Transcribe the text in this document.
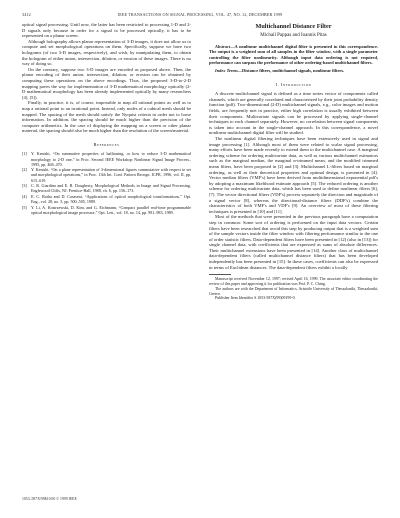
3412	IEEE TRANSACTIONS ON SIGNAL PROCESSING, VOL. 47, NO. 12, DECEMBER 1999

optical signal processing. Until now, the latter has been restricted to processing 1-D and 2-D signals only because in order for a signal to be processed optically, it has to be represented on a planar screen.

Although holography allows planar representation of 3-D images, it does not allow us to compute and set morphological operations on them. Specifically, suppose we have two holograms (of two 3-D images, respectively), and wish, by manipulating them, to obtain the hologram of either union, intersection, dilation, or erosion of these images. There is no way of doing so.

On the contrary, suppose two 3-D images are encoded as proposed above. Then, the planar encoding of their union, intersection, dilation, or erosion can be obtained by computing these operations on the above encodings. Thus, the proposed 3-D-to-2-D mapping paves the way for implementation of 3-D mathematical morphology optically (2-D mathematical morphology has been already implemented optically by many researchers [4], [5]).

Finally, in practice, it is, of course, impossible to map all rational points as well as to map a rational point to an irrational point. Instead, only nodes of a cubical mesh should be mapped. The spacing of the mesh should satisfy the Nyquist criteria in order not to loose information. In addition, the spacing should be much higher than the precision of the computer arithmetics. In the case of displaying the mapping on a screen or other planar material, the spacing should also be much higher than the resolution of the screen/material.

References
[1]	Y. Kenishi, “On summative properties of halftoning, or how to reduce 3-D mathematical morphology to 2-D one,” in Proc. Second IEEE Workshop Nonlinear Signal Image Process., 1995, pp. 468–470.
[2]	Y. Kenishi, “On a plane representation of 3-dimensional figures commutative with respect to set and morphological operations,” in Proc. 13th Int. Conf. Pattern Recogn. ICPR, 1996, vol. II, pp. 615–619.
[3]	C. R. Giardina and E. R. Dougherty, Morphological Methods in Image and Signal Processing. Englewood Cliffs, NJ: Prentice-Hall, 1988, ch. 6, pp. 156–173.
[4]	E. C. Botha and D. Casasent, “Applications of optical morphological transformations,” Opt. Eng., vol. 28, no. 5, pp. 500–505, 1989.
[5]	Y. Li, A. Kostrzewski, D. Kim, and G. Eichmann, “Compact parallel real-time programmable optical morphological image processor,” Opt. Lett., vol. 18, no. 14, pp. 981–983, 1989.
Multichannel Distance Filter
Michail Pappas and Ioannis Pitas
Abstract—A nonlinear multichannel digital filter is presented in this correspondence. The output is a weighted sum of all samples in the filter window, with a single parameter controlling the filter nonlinearity. Although input data ordering is not required, performance can surpass the performance of other ordering-based multichannel filters.
Index Terms—Distance filters, multichannel signals, nonlinear filters.
I. Introduction

A discrete multichannel signal is defined as a time series vector of components called channels, which are generally correlated and characterized by their joint probability density function (pdf). Two-dimensional (2-D) multichannel signals, e.g., color images and motion fields, are frequently met in practice, either high correlation is usually exhibited between their components. Multivariate signals can be processed by applying single-channel techniques to each channel separately. However, no correlation between signal components is taken into account in the single-channel approach. In this correspondence, a novel nonlinear multichannel digital filter will be studied.

The nonlinear digital filtering techniques have been extensively used in signal and image processing [1]. Although most of them were related to scalar signal processing, many efforts have been made recently to extend them to the multichannel case. A marginal ordering scheme for ordering multivariate data, as well as various multichannel estimators such as the marginal median, the marginal α-trimmed mean, and the modified trimmed mean filters, have been proposed in [2] and [3]. Multichannel L-filters based on marginal ordering, as well as their theoretical properties and optimal design, is presented in [4]. Vector median filters (VMF's) have been derived from multidimensional exponential pdf's by adopting a maximum likelihood estimate approach [5]. The reduced ordering is another scheme for ordering multivariate data, which has been used to define nonlinear filters [6], [7]. The vector directional filters (VDF's) process separately the direction and magnitude of a signal vector [8], whereas the directional-distance filters (DDF's) combine the characteristics of both VMF's and VDF's [9]. An overview of most of these filtering techniques is presented in [10] and [11].

Most of the methods that were presented in the previous paragraph have a computation step in common: Some sort of ordering is performed on the input data vectors. Certain filters have been researched that avoid this step by producing output that is a weighted sum of the sample vectors inside the filter window with filtering performance similar to the one of order statistic filters. Data-dependent filters have been presented in [12] (also in [13]) for single channel data, with coefficients that are expressed as sums of absolute differences. Their multichannel extensions have been presented in [14]. Another class of multichannel data-dependent filters (called multichannel distance filters) that has been developed independently has been presented in [15]. In these cases, coefficients can also be expressed in terms of Euclidean distances. The data-dependent filters exhibit a locally

Manuscript received November 12, 1997; revised April 16, 1999. The associate editor coordinating the review of this paper and approving it for publication was Prof. P. C. Ching.

The authors are with the Department of Informatics, Aristotle University of Thessaloniki, Thessaloniki, Greece.

Publisher Item Identifier S 1053-587X(99)09199-0.

1053–587X/99$10.00 © 1999 IEEE
